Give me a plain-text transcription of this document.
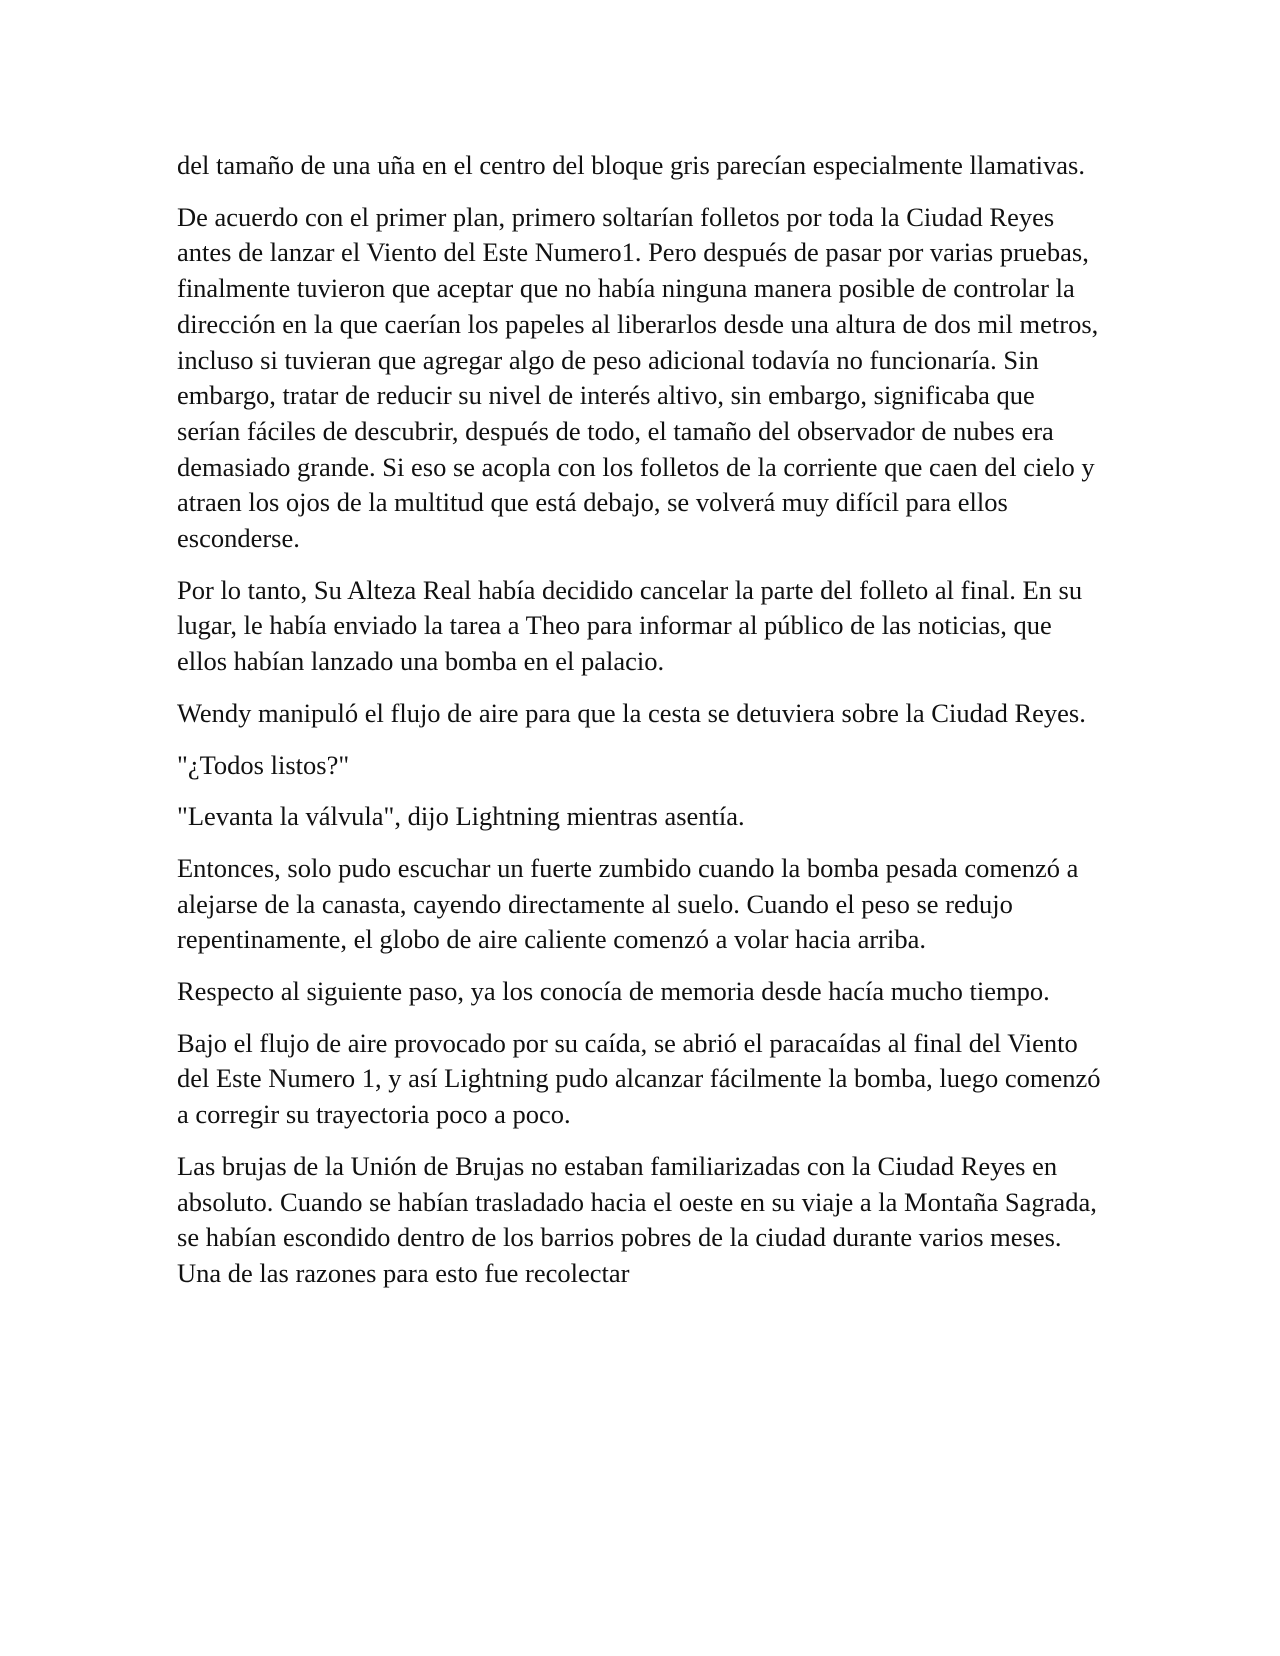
del tamaño de una uña en el centro del bloque gris parecían especialmente llamativas.

De acuerdo con el primer plan, primero soltarían folletos por toda la Ciudad Reyes antes de lanzar el Viento del Este Numero1. Pero después de pasar por varias pruebas, finalmente tuvieron que aceptar que no había ninguna manera posible de controlar la dirección en la que caerían los papeles al liberarlos desde una altura de dos mil metros, incluso si tuvieran que agregar algo de peso adicional todavía no funcionaría. Sin embargo, tratar de reducir su nivel de interés altivo, sin embargo, significaba que serían fáciles de descubrir, después de todo, el tamaño del observador de nubes era demasiado grande. Si eso se acopla con los folletos de la corriente que caen del cielo y atraen los ojos de la multitud que está debajo, se volverá muy difícil para ellos esconderse.

Por lo tanto, Su Alteza Real había decidido cancelar la parte del folleto al final. En su lugar, le había enviado la tarea a Theo para informar al público de las noticias, que ellos habían lanzado una bomba en el palacio.

Wendy manipuló el flujo de aire para que la cesta se detuviera sobre la Ciudad Reyes.

"¿Todos listos?"

"Levanta la válvula", dijo Lightning mientras asentía.

Entonces, solo pudo escuchar un fuerte zumbido cuando la bomba pesada comenzó a alejarse de la canasta, cayendo directamente al suelo. Cuando el peso se redujo repentinamente, el globo de aire caliente comenzó a volar hacia arriba.

Respecto al siguiente paso, ya los conocía de memoria desde hacía mucho tiempo.

Bajo el flujo de aire provocado por su caída, se abrió el paracaídas al final del Viento del Este Numero 1, y así Lightning pudo alcanzar fácilmente la bomba, luego comenzó a corregir su trayectoria poco a poco.

Las brujas de la Unión de Brujas no estaban familiarizadas con la Ciudad Reyes en absoluto. Cuando se habían trasladado hacia el oeste en su viaje a la Montaña Sagrada, se habían escondido dentro de los barrios pobres de la ciudad durante varios meses. Una de las razones para esto fue recolectar
